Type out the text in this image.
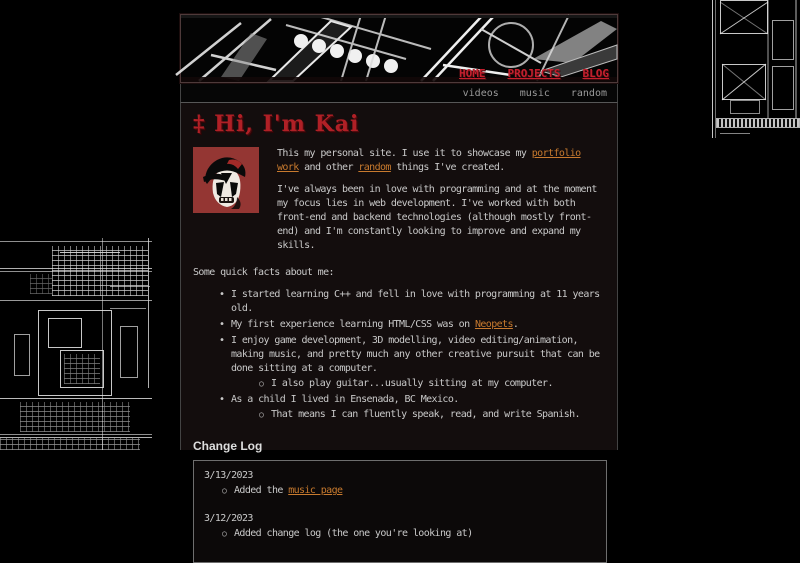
HOME PROJECTS BLOG
videos music random
‡ Hi, I'm Kai

This my personal site. I use it to showcase my portfolio work and other random things I've created.

I've always been in love with programming and at the moment my focus lies in web development. I've worked with both front-end and backend technologies (although mostly front-end) and I'm constantly looking to improve and expand my skills.

Some quick facts about me:

• I started learning C++ and fell in love with programming at 11 years old.
• My first experience learning HTML/CSS was on Neopets.
• I enjoy game development, 3D modelling, video editing/animation, making music, and pretty much any other creative pursuit that can be done sitting at a computer.
○ I also play guitar...usually sitting at my computer.
• As a child I lived in Ensenada, BC Mexico.
○ That means I can fluently speak, read, and write Spanish.
Change Log
3/13/2023
○ Added the music page
3/12/2023
○ Added change log (the one you're looking at)
